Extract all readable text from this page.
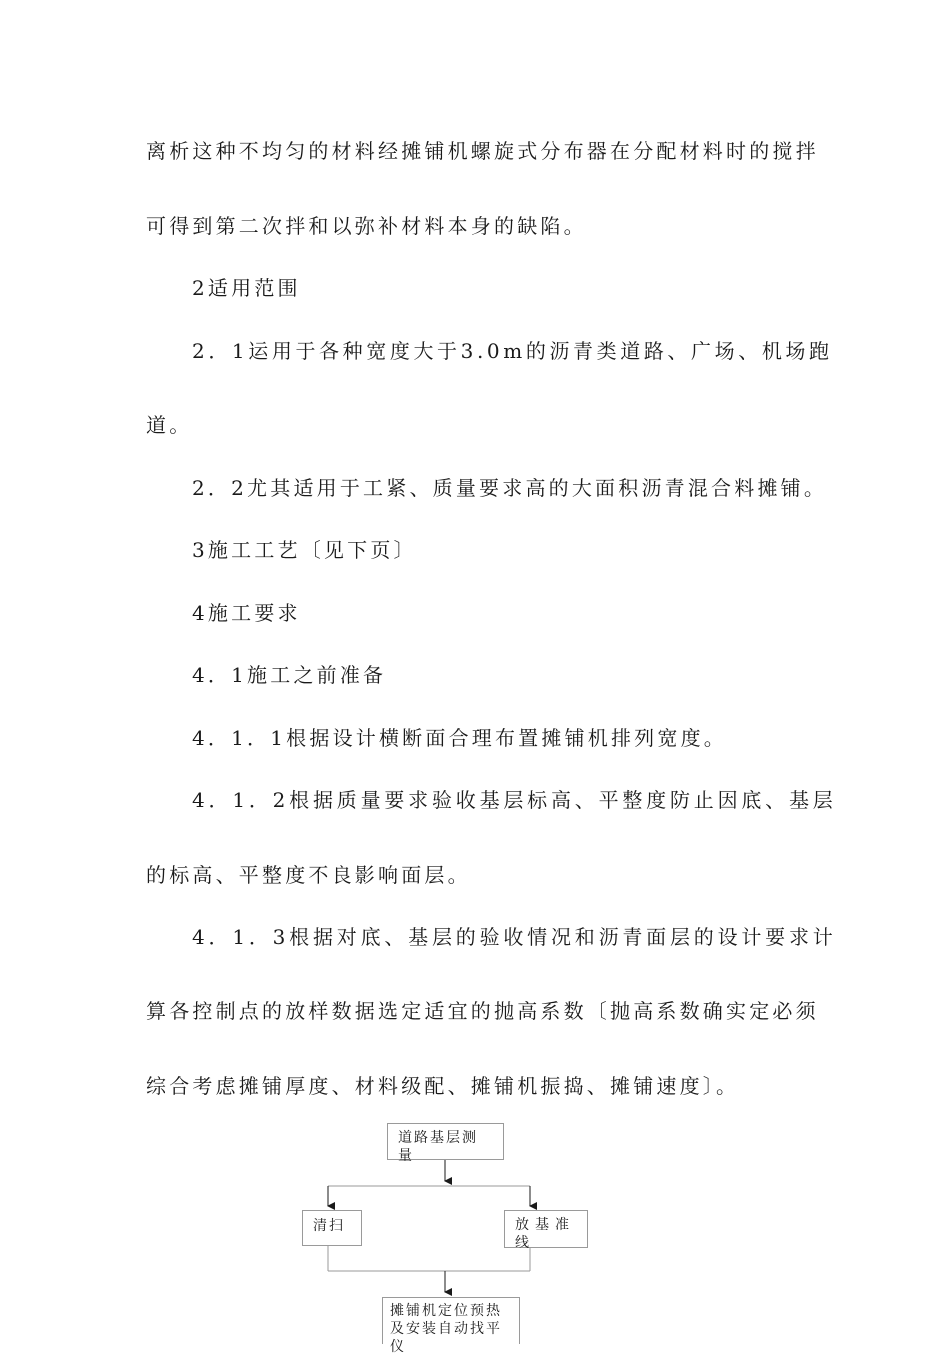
离析这种不均匀的材料经摊铺机螺旋式分布器在分配材料时的搅拌
可得到第二次拌和以弥补材料本身的缺陷。
2适用范围
2．1运用于各种宽度大于3.0m的沥青类道路、广场、机场跑
道。
2．2尤其适用于工紧、质量要求高的大面积沥青混合料摊铺。
3施工工艺〔见下页〕
4施工要求
4．1施工之前准备
4．1．1根据设计横断面合理布置摊铺机排列宽度。
4．1．2根据质量要求验收基层标高、平整度防止因底、基层
的标高、平整度不良影响面层。
4．1．3根据对底、基层的验收情况和沥青面层的设计要求计
算各控制点的放样数据选定适宜的抛高系数〔抛高系数确实定必须
综合考虑摊铺厚度、材料级配、摊铺机振捣、摊铺速度〕。
道路基层测量
清扫	放基准线
摊铺机定位预热及安装自动找平仪
